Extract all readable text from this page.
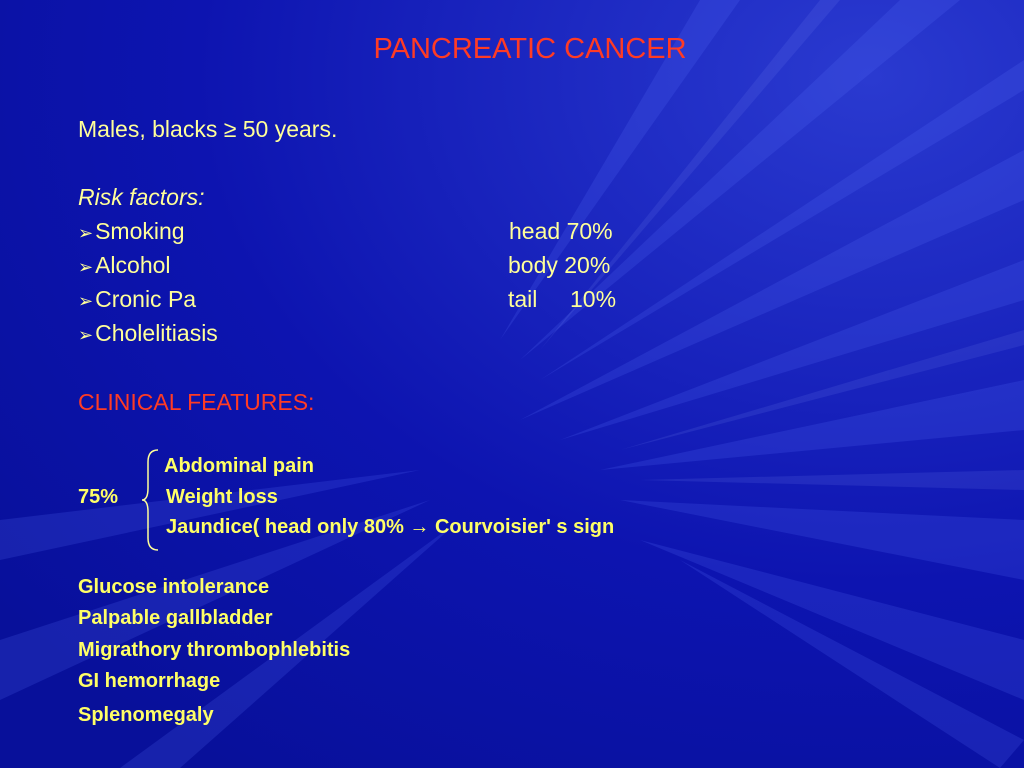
PANCREATIC CANCER
Males, blacks ≥ 50 years.
Risk factors:
➢Smoking
➢Alcohol
➢Cronic Pa
➢Cholelitiasis
head 70%
body 20%
tail 10%
CLINICAL FEATURES:
75%
Abdominal pain
Weight loss
Jaundice( head only 80% → Courvoisier' s sign
Glucose intolerance
Palpable gallbladder
Migrathory thrombophlebitis
GI hemorrhage
Splenomegaly
